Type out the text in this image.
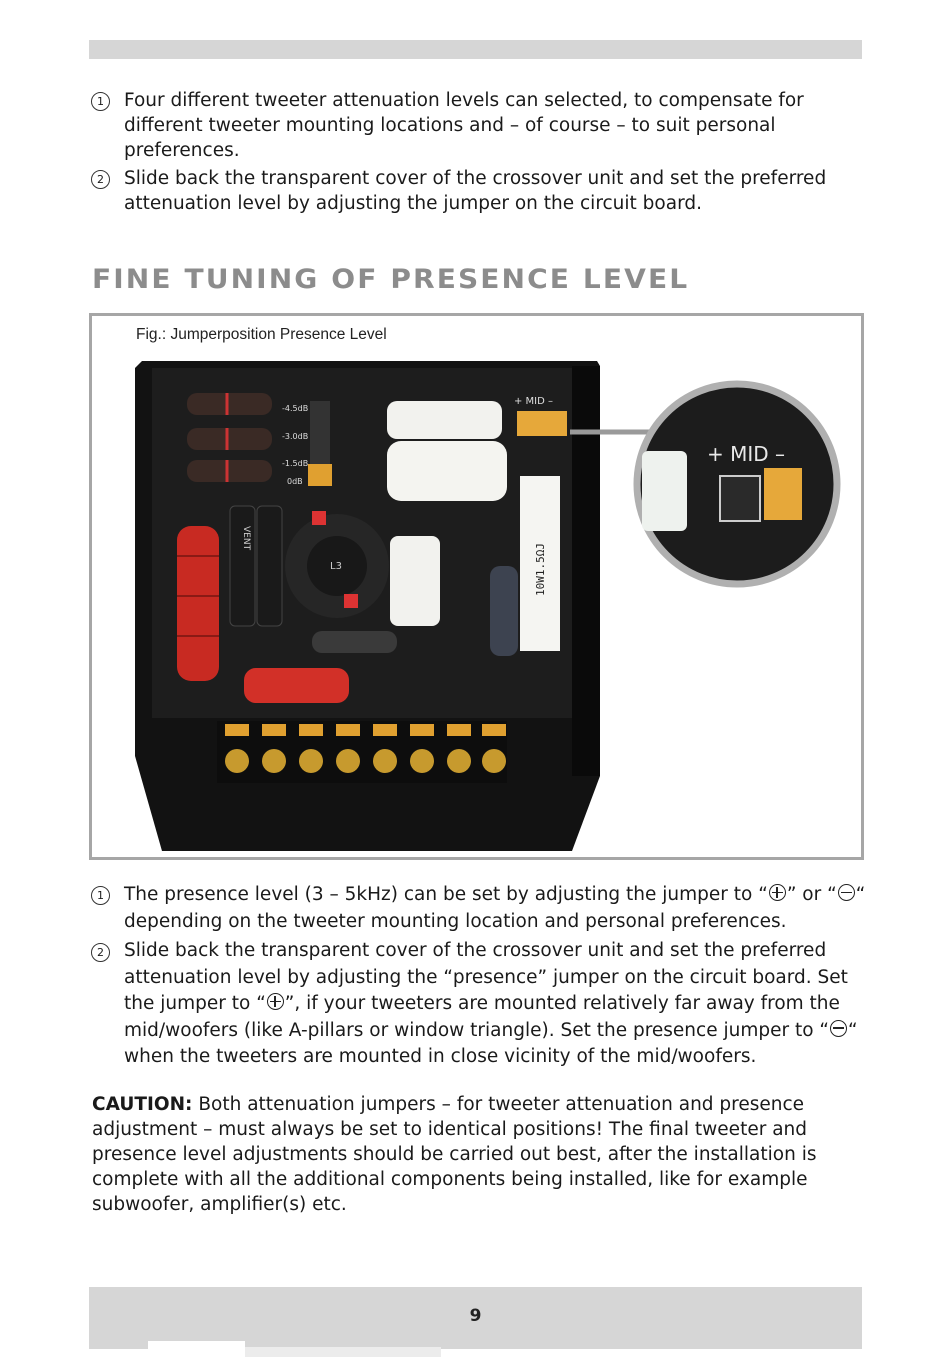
1	Four different tweeter attenuation levels can selected, to compensate for different tweeter mounting locations and – of course – to suit personal preferences.
2	Slide back the transparent cover of the crossover unit and set the preferred attenuation level by adjusting the jumper on the circuit board.
FINE TUNING OF PRESENCE LEVEL
Fig.: Jumperposition Presence Level
-4.5dB
-3.0dB
-1.5dB
0dB
+ MID –
10W1.5ΩJ
VENT
L3
+ MID –
1	The presence level (3 – 5kHz) can be set by adjusting the jumper to “ ” or “ “ depending on the tweeter mounting location and personal preferences.
2	Slide back the transparent cover of the crossover unit and set the preferred attenuation level by adjusting the “presence” jumper on the circuit board. Set the jumper to “ ”, if your tweeters are mounted relatively far away from the mid/woofers (like A-pillars or window triangle). Set the presence jumper to “ “ when the tweeters are mounted in close vicinity of the mid/woofers.

CAUTION: Both attenuation jumpers – for tweeter attenuation and presence adjustment – must always be set to identical positions! The final tweeter and presence level adjustments should be carried out best, after the installation is complete with all the additional components being installed, like for example subwoofer, amplifier(s) etc.

9
